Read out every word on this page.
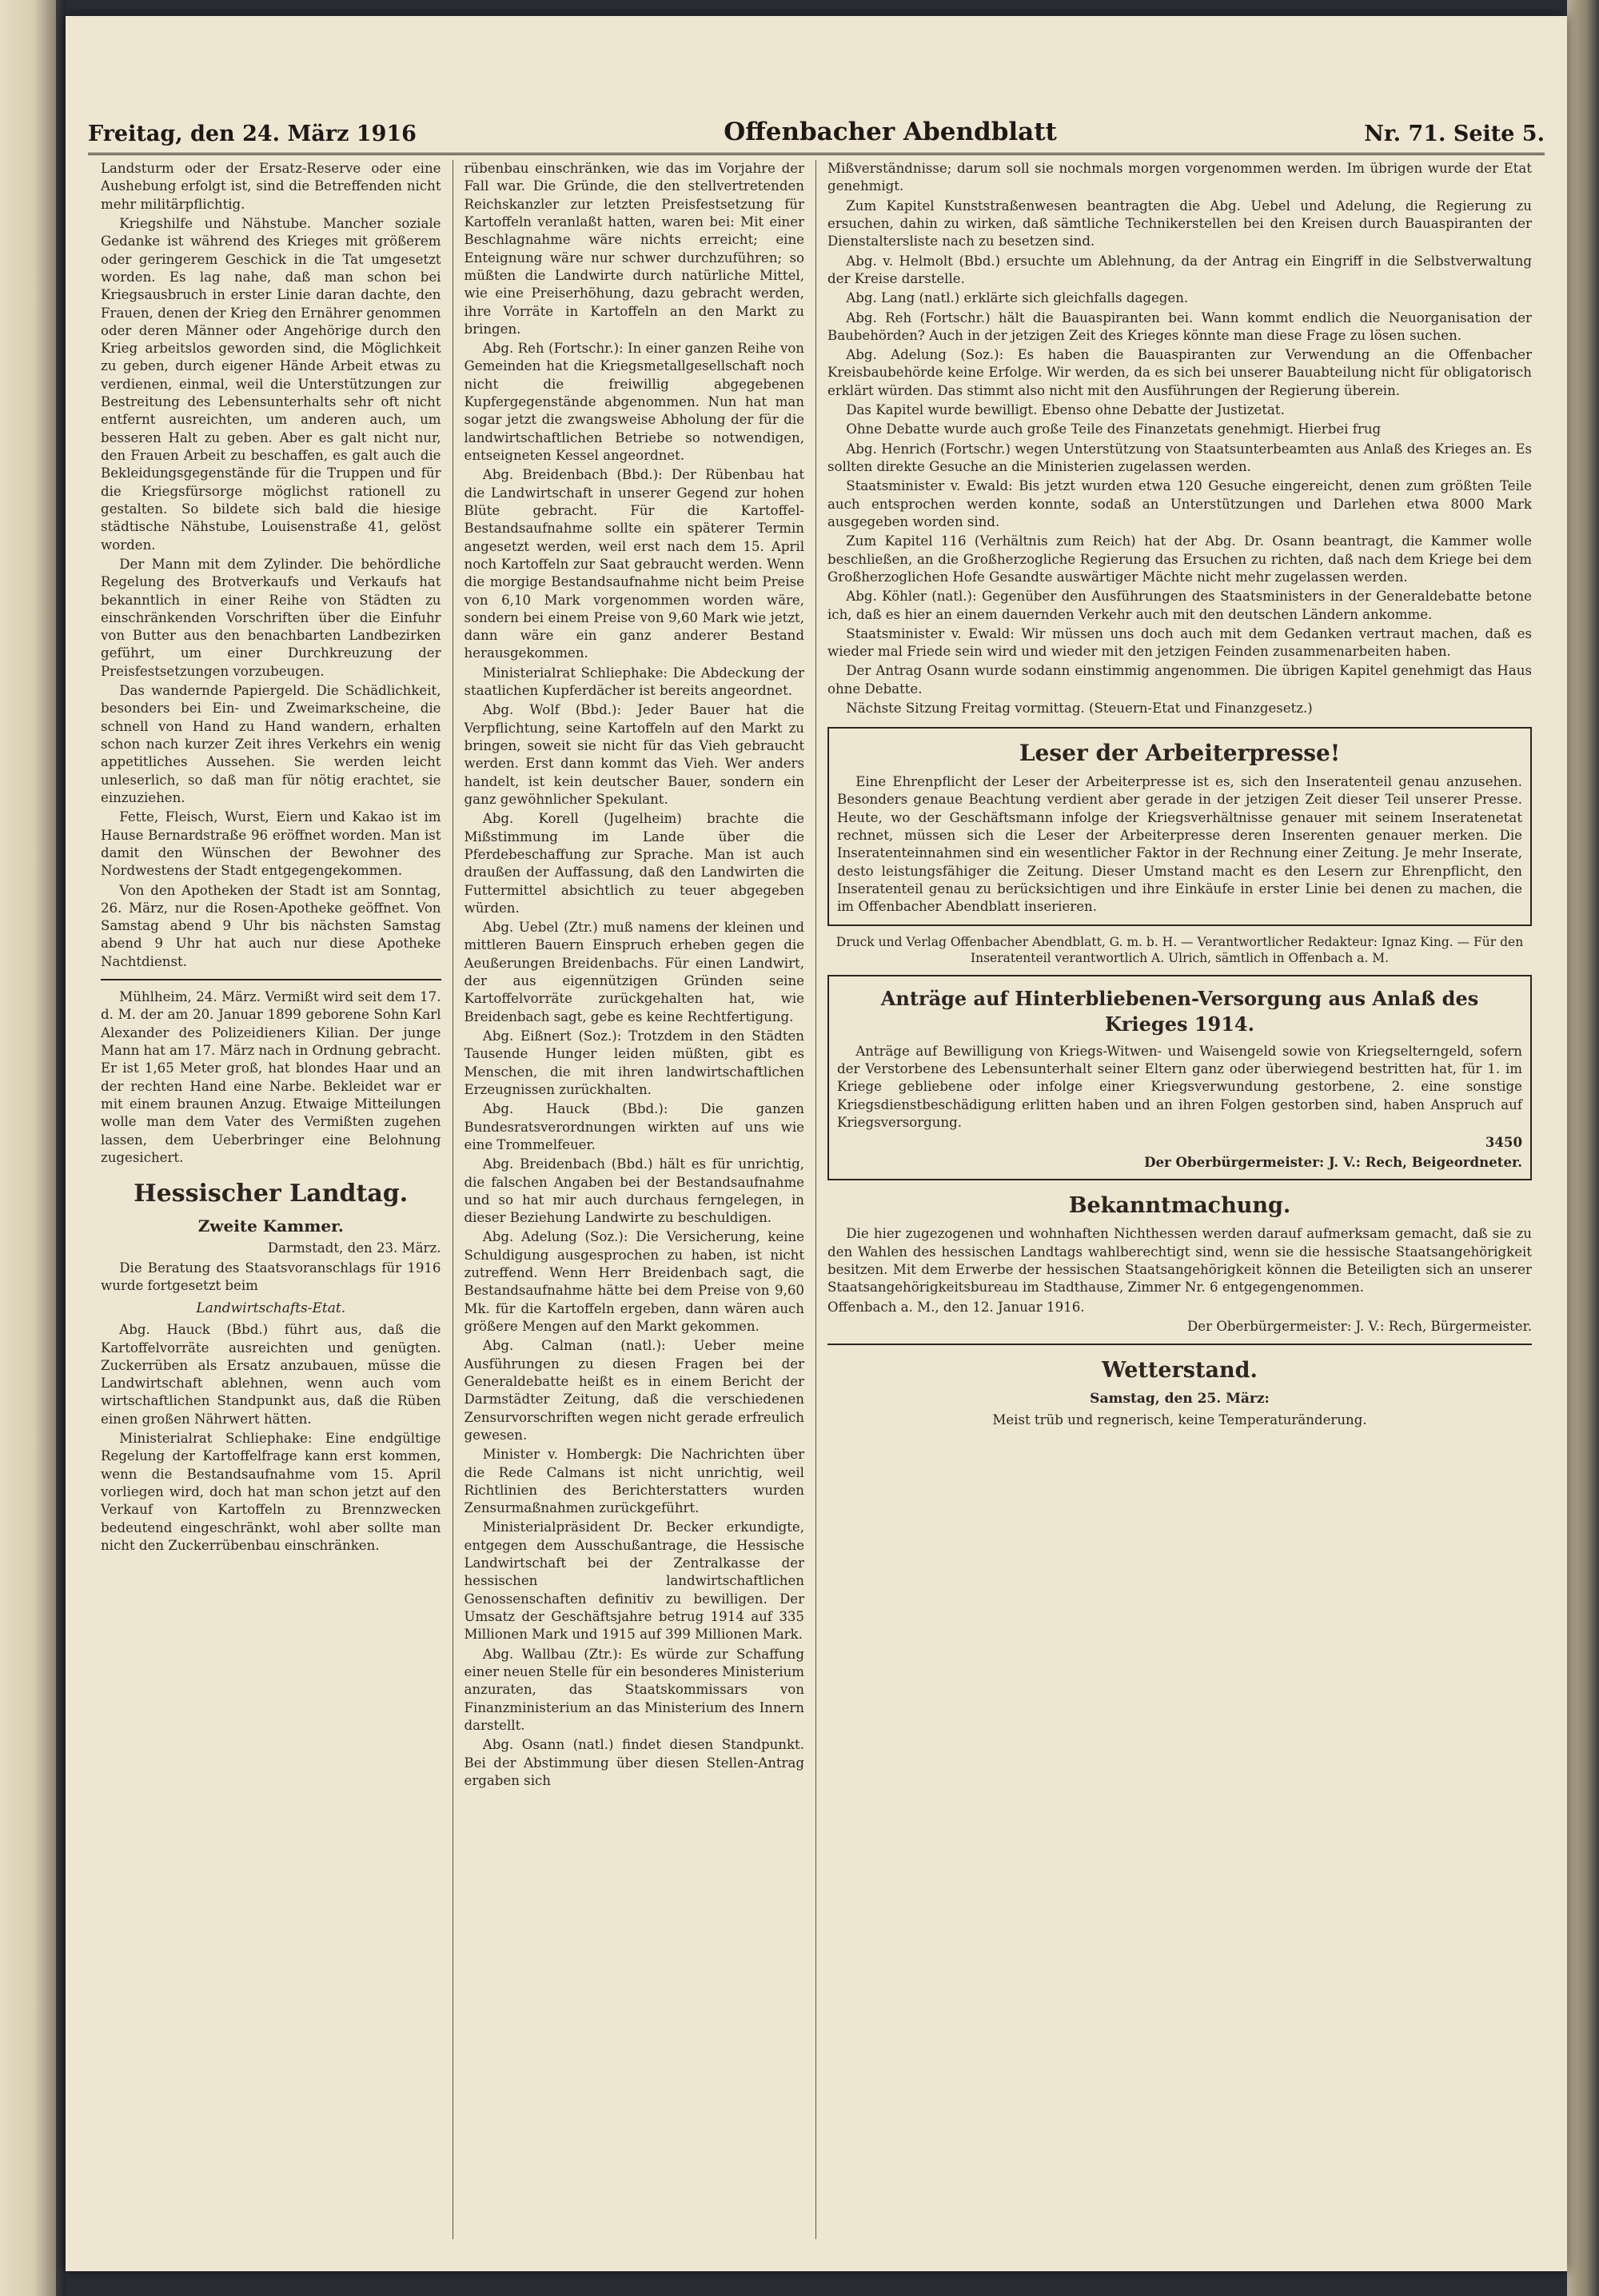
Freitag, den 24. März 1916	Offenbacher Abendblatt	Nr. 71. Seite 5.

Landsturm oder der Ersatz-Reserve oder eine Aushebung erfolgt ist, sind die Betreffenden nicht mehr militärpflichtig.

Kriegshilfe und Nähstube. Mancher soziale Gedanke ist während des Krieges mit größerem oder geringerem Geschick in die Tat umgesetzt worden. Es lag nahe, daß man schon bei Kriegsausbruch in erster Linie daran dachte, den Frauen, denen der Krieg den Ernährer genommen oder deren Männer oder Angehörige durch den Krieg arbeitslos geworden sind, die Möglichkeit zu geben, durch eigener Hände Arbeit etwas zu verdienen, einmal, weil die Unterstützungen zur Bestreitung des Lebensunterhalts sehr oft nicht entfernt ausreichten, um anderen auch, um besseren Halt zu geben. Aber es galt nicht nur, den Frauen Arbeit zu beschaffen, es galt auch die Bekleidungsgegenstände für die Truppen und für die Kriegsfürsorge möglichst rationell zu gestalten. So bildete sich bald die hiesige städtische Nähstube, Louisenstraße 41, gelöst worden.

Der Mann mit dem Zylinder. Die behördliche Regelung des Brotverkaufs und Verkaufs hat bekanntlich in einer Reihe von Städten zu einschränkenden Vorschriften über die Einfuhr von Butter aus den benachbarten Landbezirken geführt, um einer Durchkreuzung der Preisfestsetzungen vorzubeugen.

Das wandernde Papiergeld. Die Schädlichkeit, besonders bei Ein- und Zweimarkscheine, die schnell von Hand zu Hand wandern, erhalten schon nach kurzer Zeit ihres Verkehrs ein wenig appetitliches Aussehen. Sie werden leicht unleserlich, so daß man für nötig erachtet, sie einzuziehen.

Fette, Fleisch, Wurst, Eiern und Kakao ist im Hause Bernardstraße 96 eröffnet worden. Man ist damit den Wünschen der Bewohner des Nordwestens der Stadt entgegengekommen.

Von den Apotheken der Stadt ist am Sonntag, 26. März, nur die Rosen-Apotheke geöffnet. Von Samstag abend 9 Uhr bis nächsten Samstag abend 9 Uhr hat auch nur diese Apotheke Nachtdienst.

Mühlheim, 24. März. Vermißt wird seit dem 17. d. M. der am 20. Januar 1899 geborene Sohn Karl Alexander des Polizeidieners Kilian. Der junge Mann hat am 17. März nach in Ordnung gebracht. Er ist 1,65 Meter groß, hat blondes Haar und an der rechten Hand eine Narbe. Bekleidet war er mit einem braunen Anzug. Etwaige Mitteilungen wolle man dem Vater des Vermißten zugehen lassen, dem Ueberbringer eine Belohnung zugesichert.

Hessischer Landtag.
Zweite Kammer.

Darmstadt, den 23. März.

Die Beratung des Staatsvoranschlags für 1916 wurde fortgesetzt beim

Landwirtschafts-Etat.

Abg. Hauck (Bbd.) führt aus, daß die Kartoffelvorräte ausreichten und genügten. Zuckerrüben als Ersatz anzubauen, müsse die Landwirtschaft ablehnen, wenn auch vom wirtschaftlichen Standpunkt aus, daß die Rüben einen großen Nährwert hätten.

Ministerialrat Schliephake: Eine endgültige Regelung der Kartoffelfrage kann erst kommen, wenn die Bestandsaufnahme vom 15. April vorliegen wird, doch hat man schon jetzt auf den Verkauf von Kartoffeln zu Brennzwecken bedeutend eingeschränkt, wohl aber sollte man nicht den Zuckerrübenbau einschränken.

rübenbau einschränken, wie das im Vorjahre der Fall war. Die Gründe, die den stellvertretenden Reichskanzler zur letzten Preisfestsetzung für Kartoffeln veranlaßt hatten, waren bei: Mit einer Beschlagnahme wäre nichts erreicht; eine Enteignung wäre nur schwer durchzuführen; so müßten die Landwirte durch natürliche Mittel, wie eine Preiserhöhung, dazu gebracht werden, ihre Vorräte in Kartoffeln an den Markt zu bringen.

Abg. Reh (Fortschr.): In einer ganzen Reihe von Gemeinden hat die Kriegsmetallgesellschaft noch nicht die freiwillig abgegebenen Kupfergegenstände abgenommen. Nun hat man sogar jetzt die zwangsweise Abholung der für die landwirtschaftlichen Betriebe so notwendigen, entseigneten Kessel angeordnet.

Abg. Breidenbach (Bbd.): Der Rübenbau hat die Landwirtschaft in unserer Gegend zur hohen Blüte gebracht. Für die Kartoffel-Bestandsaufnahme sollte ein späterer Termin angesetzt werden, weil erst nach dem 15. April noch Kartoffeln zur Saat gebraucht werden. Wenn die morgige Bestandsaufnahme nicht beim Preise von 6,10 Mark vorgenommen worden wäre, sondern bei einem Preise von 9,60 Mark wie jetzt, dann wäre ein ganz anderer Bestand herausgekommen.

Ministerialrat Schliephake: Die Abdeckung der staatlichen Kupferdächer ist bereits angeordnet.

Abg. Wolf (Bbd.): Jeder Bauer hat die Verpflichtung, seine Kartoffeln auf den Markt zu bringen, soweit sie nicht für das Vieh gebraucht werden. Erst dann kommt das Vieh. Wer anders handelt, ist kein deutscher Bauer, sondern ein ganz gewöhnlicher Spekulant.

Abg. Korell (Jugelheim) brachte die Mißstimmung im Lande über die Pferdebeschaffung zur Sprache. Man ist auch draußen der Auffassung, daß den Landwirten die Futtermittel absichtlich zu teuer abgegeben würden.

Abg. Uebel (Ztr.) muß namens der kleinen und mittleren Bauern Einspruch erheben gegen die Aeußerungen Breidenbachs. Für einen Landwirt, der aus eigennützigen Gründen seine Kartoffelvorräte zurückgehalten hat, wie Breidenbach sagt, gebe es keine Rechtfertigung.

Abg. Eißnert (Soz.): Trotzdem in den Städten Tausende Hunger leiden müßten, gibt es Menschen, die mit ihren landwirtschaftlichen Erzeugnissen zurückhalten.

Abg. Hauck (Bbd.): Die ganzen Bundesratsverordnungen wirkten auf uns wie eine Trommelfeuer.

Abg. Breidenbach (Bbd.) hält es für unrichtig, die falschen Angaben bei der Bestandsaufnahme und so hat mir auch durchaus ferngelegen, in dieser Beziehung Landwirte zu beschuldigen.

Abg. Adelung (Soz.): Die Versicherung, keine Schuldigung ausgesprochen zu haben, ist nicht zutreffend. Wenn Herr Breidenbach sagt, die Bestandsaufnahme hätte bei dem Preise von 9,60 Mk. für die Kartoffeln ergeben, dann wären auch größere Mengen auf den Markt gekommen.

Abg. Calman (natl.): Ueber meine Ausführungen zu diesen Fragen bei der Generaldebatte heißt es in einem Bericht der Darmstädter Zeitung, daß die verschiedenen Zensurvorschriften wegen nicht gerade erfreulich gewesen.

Minister v. Hombergk: Die Nachrichten über die Rede Calmans ist nicht unrichtig, weil Richtlinien des Berichterstatters wurden Zensurmaßnahmen zurückgeführt.

Ministerialpräsident Dr. Becker erkundigte, entgegen dem Ausschußantrage, die Hessische Landwirtschaft bei der Zentralkasse der hessischen landwirtschaftlichen Genossenschaften definitiv zu bewilligen. Der Umsatz der Geschäftsjahre betrug 1914 auf 335 Millionen Mark und 1915 auf 399 Millionen Mark.

Abg. Wallbau (Ztr.): Es würde zur Schaffung einer neuen Stelle für ein besonderes Ministerium anzuraten, das Staatskommissars von Finanzministerium an das Ministerium des Innern darstellt.

Abg. Osann (natl.) findet diesen Standpunkt. Bei der Abstimmung über diesen Stellen-Antrag ergaben sich

Mißverständnisse; darum soll sie nochmals morgen vorgenommen werden. Im übrigen wurde der Etat genehmigt.

Zum Kapitel Kunststraßenwesen beantragten die Abg. Uebel und Adelung, die Regierung zu ersuchen, dahin zu wirken, daß sämtliche Technikerstellen bei den Kreisen durch Bauaspiranten der Dienstaltersliste nach zu besetzen sind.

Abg. v. Helmolt (Bbd.) ersuchte um Ablehnung, da der Antrag ein Eingriff in die Selbstverwaltung der Kreise darstelle.

Abg. Lang (natl.) erklärte sich gleichfalls dagegen.

Abg. Reh (Fortschr.) hält die Bauaspiranten bei. Wann kommt endlich die Neuorganisation der Baubehörden? Auch in der jetzigen Zeit des Krieges könnte man diese Frage zu lösen suchen.

Abg. Adelung (Soz.): Es haben die Bauaspiranten zur Verwendung an die Offenbacher Kreisbaubehörde keine Erfolge. Wir werden, da es sich bei unserer Bauabteilung nicht für obligatorisch erklärt würden. Das stimmt also nicht mit den Ausführungen der Regierung überein.

Das Kapitel wurde bewilligt. Ebenso ohne Debatte der Justizetat.

Ohne Debatte wurde auch große Teile des Finanzetats genehmigt. Hierbei frug

Abg. Henrich (Fortschr.) wegen Unterstützung von Staatsunterbeamten aus Anlaß des Krieges an. Es sollten direkte Gesuche an die Ministerien zugelassen werden.

Staatsminister v. Ewald: Bis jetzt wurden etwa 120 Gesuche eingereicht, denen zum größten Teile auch entsprochen werden konnte, sodaß an Unterstützungen und Darlehen etwa 8000 Mark ausgegeben worden sind.

Zum Kapitel 116 (Verhältnis zum Reich) hat der Abg. Dr. Osann beantragt, die Kammer wolle beschließen, an die Großherzogliche Regierung das Ersuchen zu richten, daß nach dem Kriege bei dem Großherzoglichen Hofe Gesandte auswärtiger Mächte nicht mehr zugelassen werden.

Abg. Köhler (natl.): Gegenüber den Ausführungen des Staatsministers in der Generaldebatte betone ich, daß es hier an einem dauernden Verkehr auch mit den deutschen Ländern ankomme.

Staatsminister v. Ewald: Wir müssen uns doch auch mit dem Gedanken vertraut machen, daß es wieder mal Friede sein wird und wieder mit den jetzigen Feinden zusammenarbeiten haben.

Der Antrag Osann wurde sodann einstimmig angenommen. Die übrigen Kapitel genehmigt das Haus ohne Debatte.

Nächste Sitzung Freitag vormittag. (Steuern-Etat und Finanzgesetz.)

Leser der Arbeiterpresse!

Eine Ehrenpflicht der Leser der Arbeiterpresse ist es, sich den Inseratenteil genau anzusehen. Besonders genaue Beachtung verdient aber gerade in der jetzigen Zeit dieser Teil unserer Presse. Heute, wo der Geschäftsmann infolge der Kriegsverhältnisse genauer mit seinem Inseratenetat rechnet, müssen sich die Leser der Arbeiterpresse deren Inserenten genauer merken. Die Inseratenteinnahmen sind ein wesentlicher Faktor in der Rechnung einer Zeitung. Je mehr Inserate, desto leistungsfähiger die Zeitung. Dieser Umstand macht es den Lesern zur Ehrenpflicht, den Inseratenteil genau zu berücksichtigen und ihre Einkäufe in erster Linie bei denen zu machen, die im Offenbacher Abendblatt inserieren.

Druck und Verlag Offenbacher Abendblatt, G. m. b. H. — Verantwortlicher Redakteur: Ignaz King. — Für den Inseratenteil verantwortlich A. Ulrich, sämtlich in Offenbach a. M.

Anträge auf Hinterbliebenen-Versorgung aus Anlaß des Krieges 1914.

Anträge auf Bewilligung von Kriegs-Witwen- und Waisengeld sowie von Kriegselterngeld, sofern der Verstorbene des Lebensunterhalt seiner Eltern ganz oder überwiegend bestritten hat, für 1. im Kriege gebliebene oder infolge einer Kriegsverwundung gestorbene, 2. eine sonstige Kriegsdienstbeschädigung erlitten haben und an ihren Folgen gestorben sind, haben Anspruch auf Kriegsversorgung.

3450

Der Oberbürgermeister: J. V.: Rech, Beigeordneter.

Bekanntmachung.

Die hier zugezogenen und wohnhaften Nichthessen werden darauf aufmerksam gemacht, daß sie zu den Wahlen des hessischen Landtags wahlberechtigt sind, wenn sie die hessische Staatsangehörigkeit besitzen. Mit dem Erwerbe der hessischen Staatsangehörigkeit können die Beteiligten sich an unserer Staatsangehörigkeitsbureau im Stadthause, Zimmer Nr. 6 entgegengenommen.

Offenbach a. M., den 12. Januar 1916.

Der Oberbürgermeister: J. V.: Rech, Bürgermeister.

Wetterstand.
Samstag, den 25. März:

Meist trüb und regnerisch, keine Temperaturänderung.
